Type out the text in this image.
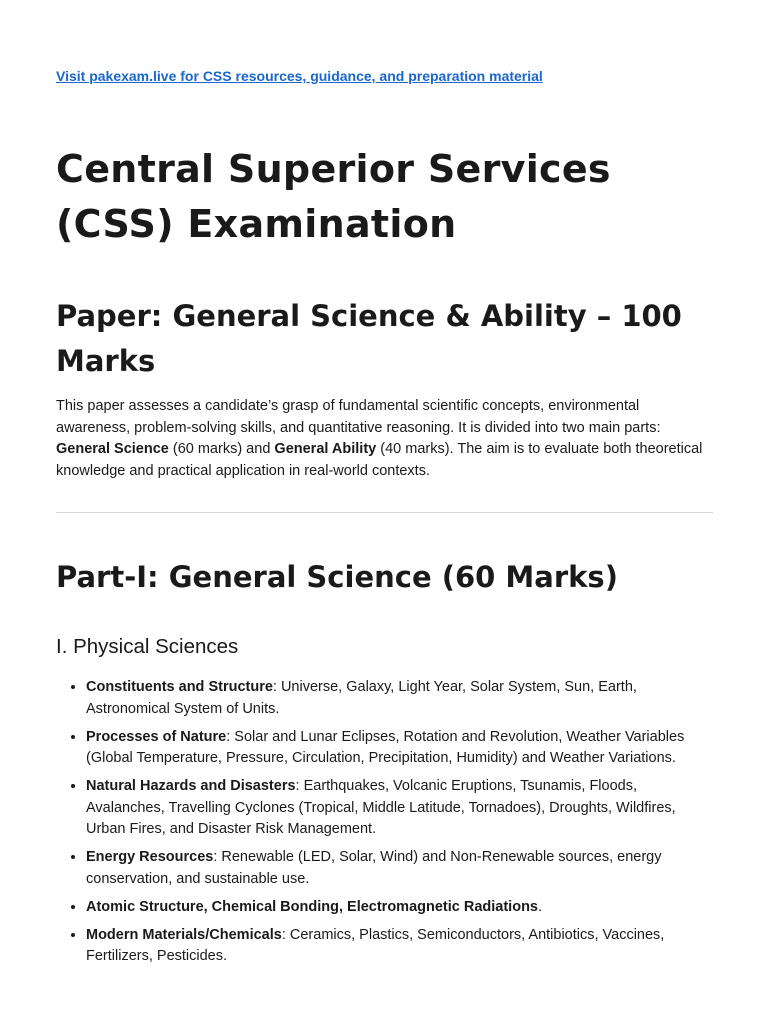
Visit pakexam.live for CSS resources, guidance, and preparation material
Central Superior Services
(CSS) Examination
Paper: General Science & Ability – 100
Marks

This paper assesses a candidate’s grasp of fundamental scientific concepts, environmental awareness, problem-solving skills, and quantitative reasoning. It is divided into two main parts: General Science (60 marks) and General Ability (40 marks). The aim is to evaluate both theoretical knowledge and practical application in real-world contexts.

Part-I: General Science (60 Marks)
I. Physical Sciences
• Constituents and Structure: Universe, Galaxy, Light Year, Solar System, Sun, Earth, Astronomical System of Units.
• Processes of Nature: Solar and Lunar Eclipses, Rotation and Revolution, Weather Variables (Global Temperature, Pressure, Circulation, Precipitation, Humidity) and Weather Variations.
• Natural Hazards and Disasters: Earthquakes, Volcanic Eruptions, Tsunamis, Floods, Avalanches, Travelling Cyclones (Tropical, Middle Latitude, Tornadoes), Droughts, Wildfires, Urban Fires, and Disaster Risk Management.
• Energy Resources: Renewable (LED, Solar, Wind) and Non-Renewable sources, energy conservation, and sustainable use.
• Atomic Structure, Chemical Bonding, Electromagnetic Radiations.
• Modern Materials/Chemicals: Ceramics, Plastics, Semiconductors, Antibiotics, Vaccines, Fertilizers, Pesticides.
